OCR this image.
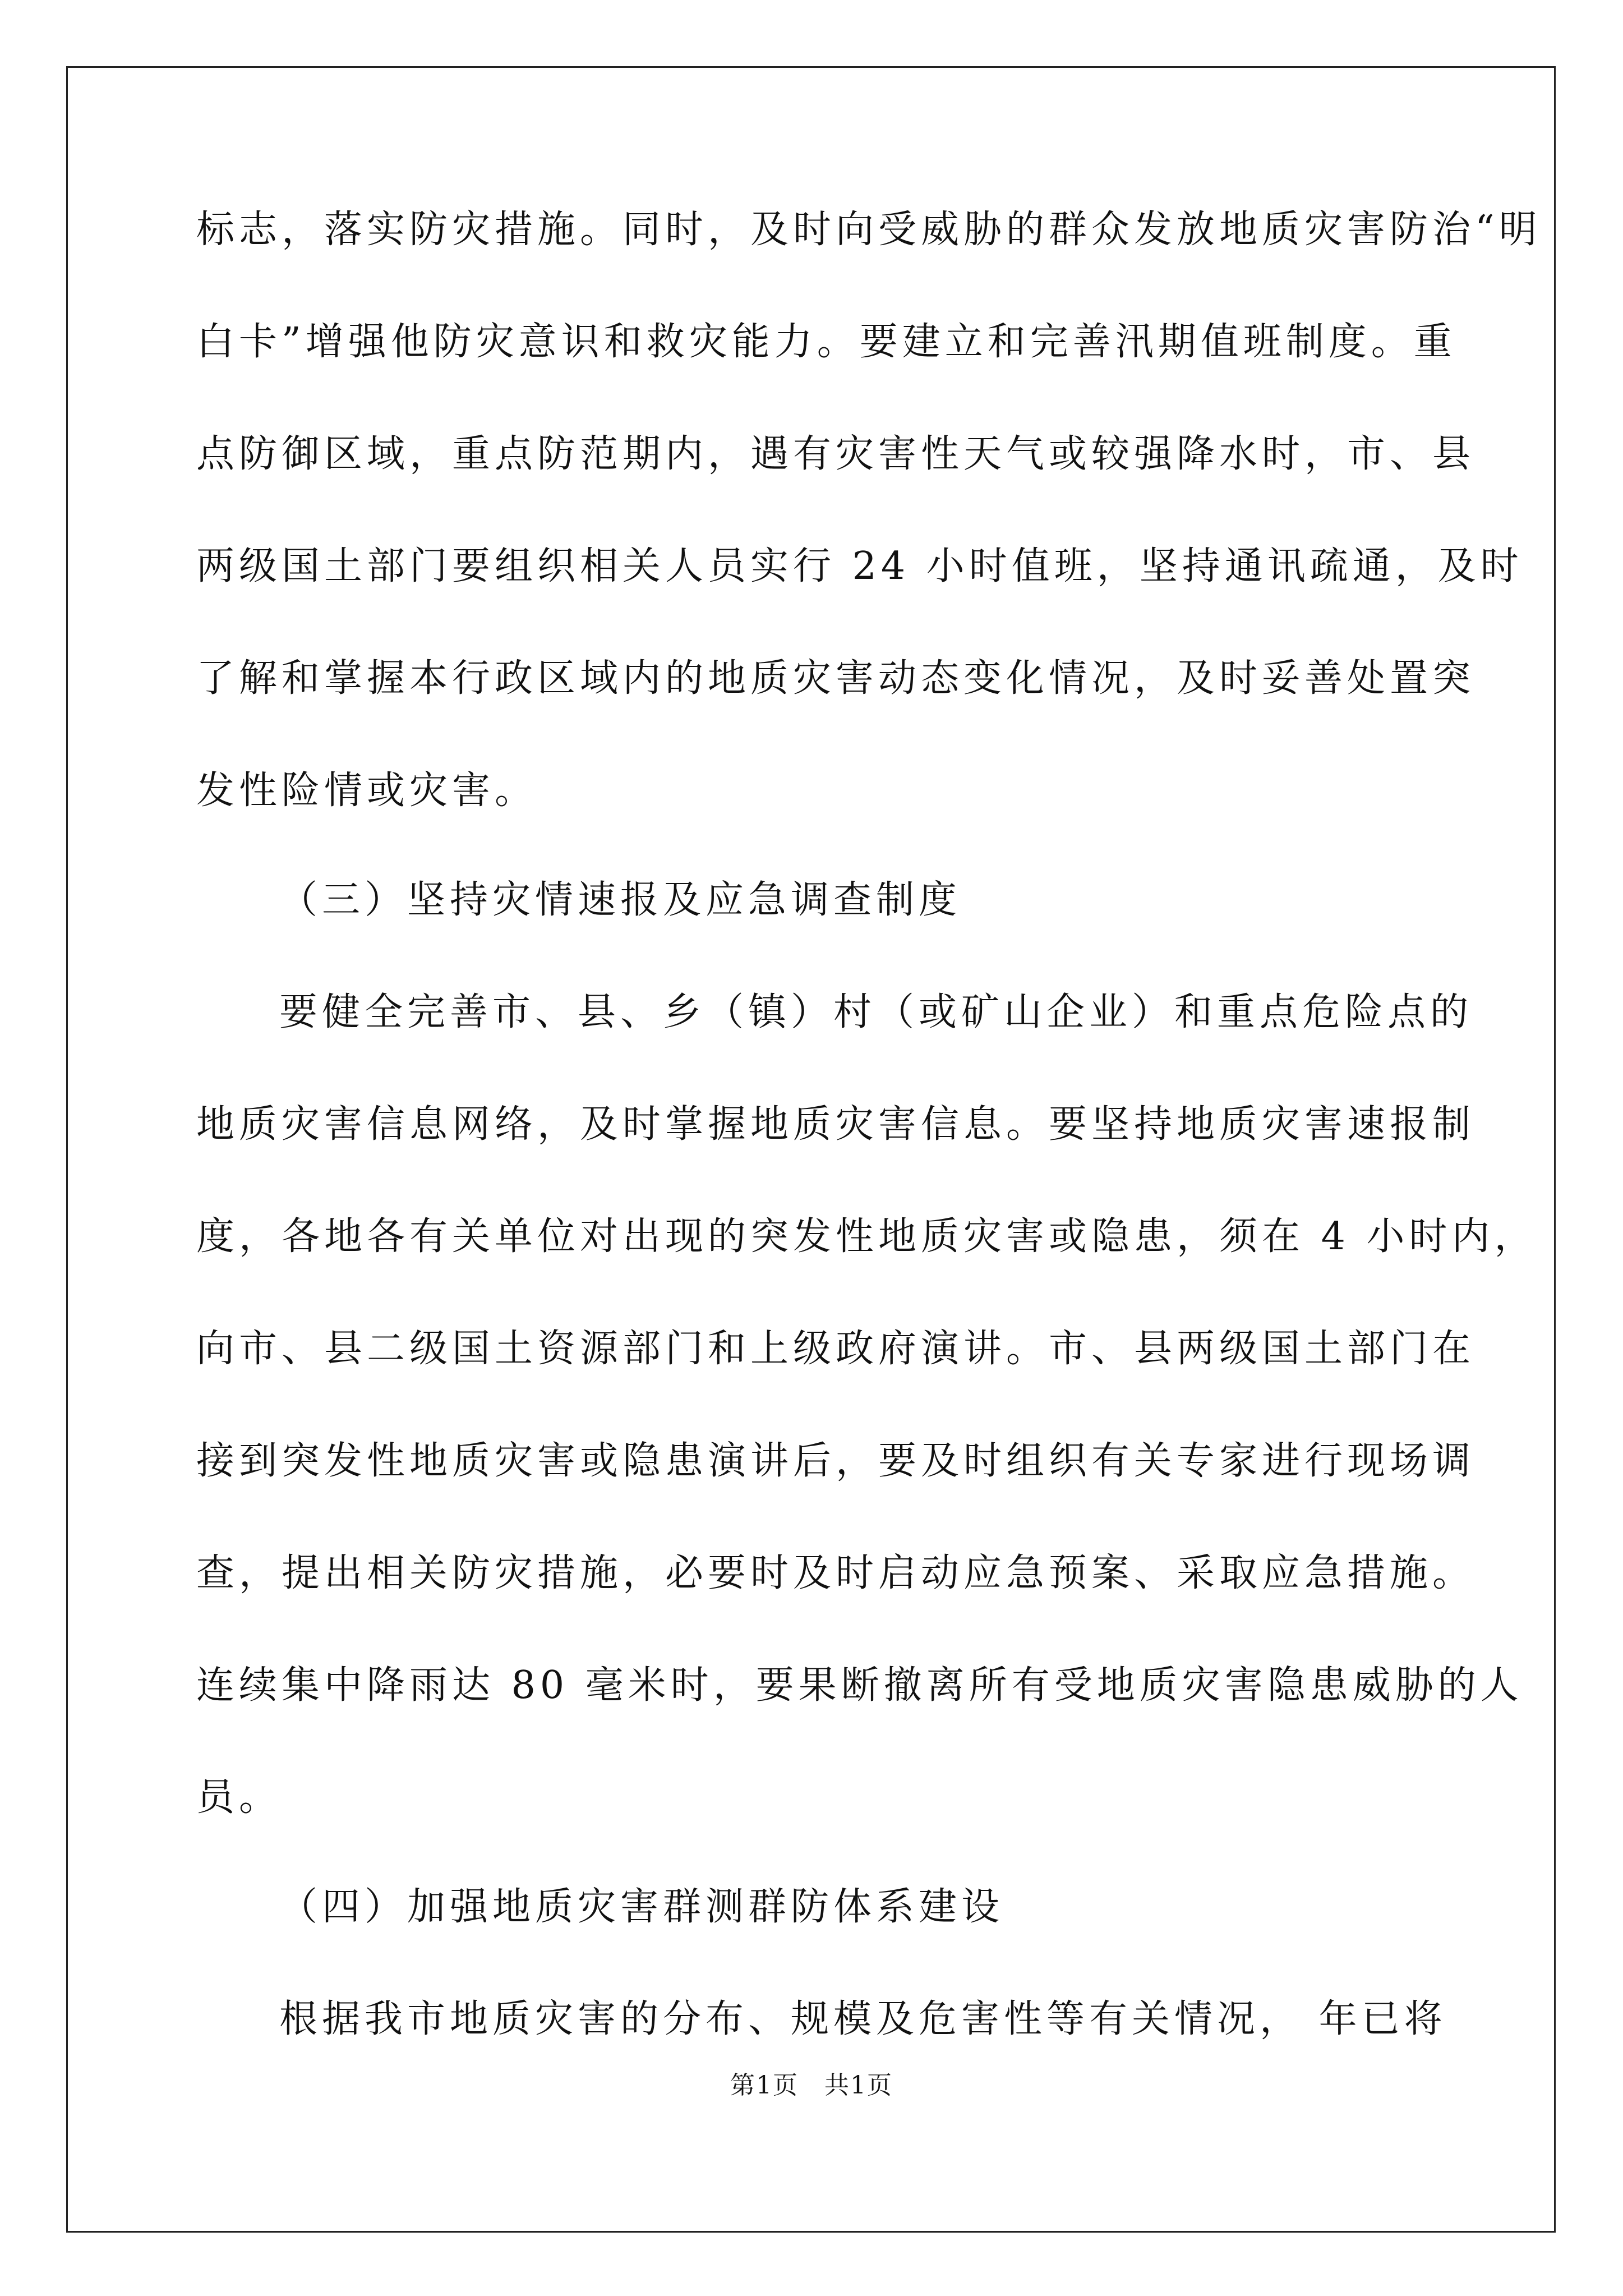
标志，落实防灾措施。同时，及时向受威胁的群众发放地质灾害防治“明
白卡”增强他防灾意识和救灾能力。要建立和完善汛期值班制度。重
点防御区域，重点防范期内，遇有灾害性天气或较强降水时，市、县
两级国土部门要组织相关人员实行 24 小时值班，坚持通讯疏通，及时
了解和掌握本行政区域内的地质灾害动态变化情况，及时妥善处置突
发性险情或灾害。
（三）坚持灾情速报及应急调查制度
要健全完善市、县、乡（镇）村（或矿山企业）和重点危险点的
地质灾害信息网络，及时掌握地质灾害信息。要坚持地质灾害速报制
度，各地各有关单位对出现的突发性地质灾害或隐患，须在 4 小时内，
向市、县二级国土资源部门和上级政府演讲。市、县两级国土部门在
接到突发性地质灾害或隐患演讲后，要及时组织有关专家进行现场调
查，提出相关防灾措施，必要时及时启动应急预案、采取应急措施。
连续集中降雨达 80 毫米时，要果断撤离所有受地质灾害隐患威胁的人
员。
（四）加强地质灾害群测群防体系建设
根据我市地质灾害的分布、规模及危害性等有关情况， 年已将
第1页　共1页
